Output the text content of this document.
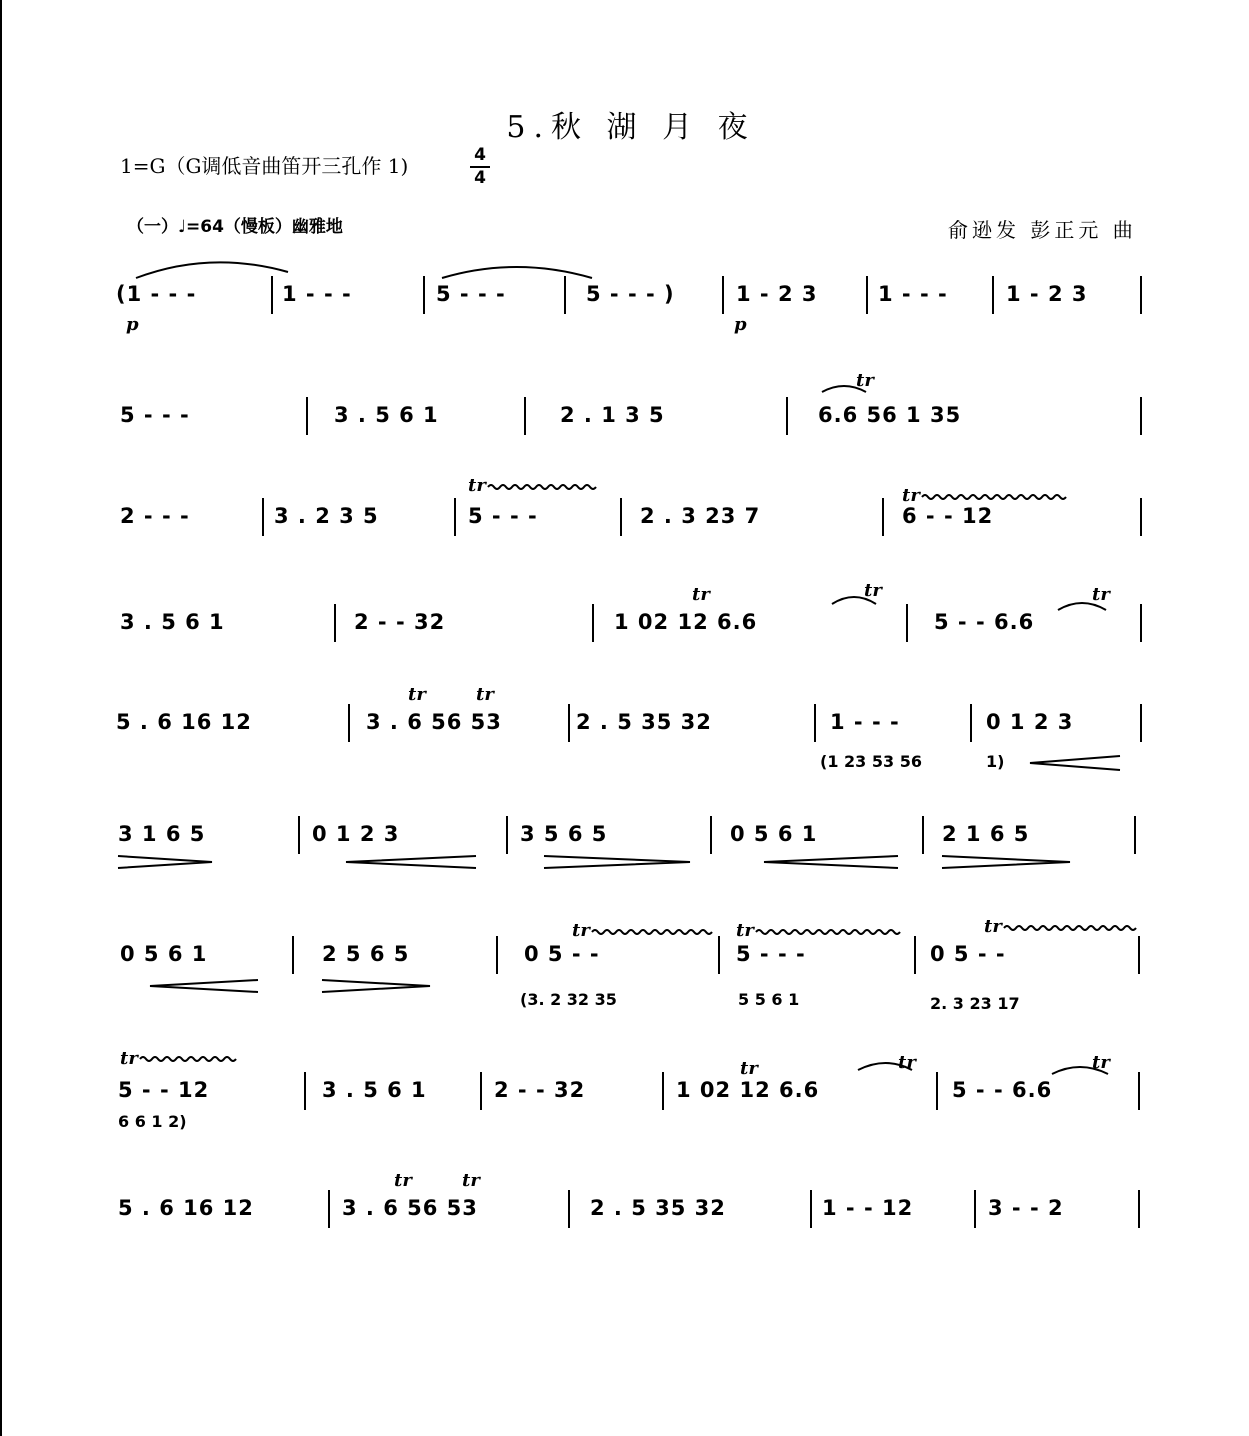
5.秋 湖 月 夜
1=G（G调低音曲笛开三孔作 1)	4
4
（一）♩=64（慢板）幽雅地	俞逊发 彭正元 曲
(1 - - -	1 - - -	5 - - -	5 - - - )	1 - 2 3	1 - - -	1 - 2 3
p	p
5 - - -	3 . 5 6 1	2 . 1 3 5	6.6 56 1 35
tr
2 - - -	3 . 2 3 5	5 - - -	2 . 3 23 7	6 - - 12
tr	tr
3 . 5 6 1	2 - - 32	1 02 12 6.6	5 - - 6.6
tr	tr	tr
5 . 6 16 12	3 . 6 56 53	2 . 5 35 32	1 - - -	0 1 2 3
tr	tr
(1 23 53 56	1)
3 1 6 5	0 1 2 3	3 5 6 5	0 5 6 1	2 1 6 5
0 5 6 1	2 5 6 5	0 5 - -	5 - - -	0 5 - -
tr	tr	tr
(3. 2 32 35	5 5 6 1	2. 3 23 17
5 - - 12	3 . 5 6 1	2 - - 32	1 02 12 6.6	5 - - 6.6
tr	tr	tr	tr
6 6 1 2)
5 . 6 16 12	3 . 6 56 53	2 . 5 35 32	1 - - 12	3 - - 2
tr	tr
